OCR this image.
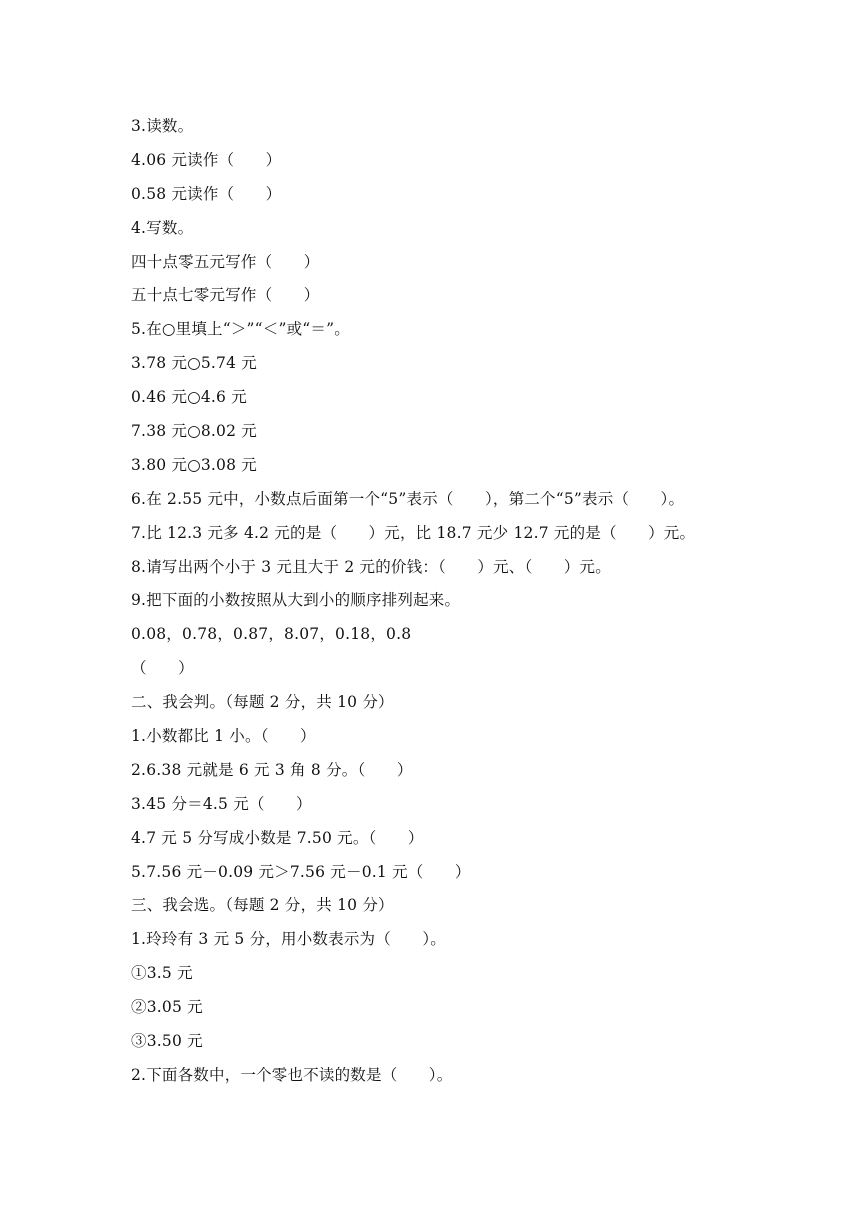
3.读数。
4.06 元读作（　　）
0.58 元读作（　　）
4.写数。
四十点零五元写作（　　）
五十点七零元写作（　　）
5.在○里填上“＞”“＜”或“＝”。
3.78 元○5.74 元
0.46 元○4.6 元
7.38 元○8.02 元
3.80 元○3.08 元
6.在 2.55 元中，小数点后面第一个“5”表示（　　），第二个“5”表示（　　）。
7.比 12.3 元多 4.2 元的是（　　）元，比 18.7 元少 12.7 元的是（　　）元。
8.请写出两个小于 3 元且大于 2 元的价钱：（　　）元、（　　）元。
9.把下面的小数按照从大到小的顺序排列起来。
0.08，0.78，0.87，8.07，0.18，0.8
（　　）
二、我会判。（每题 2 分，共 10 分）
1.小数都比 1 小。（　　）
2.6.38 元就是 6 元 3 角 8 分。（　　）
3.45 分＝4.5 元（　　）
4.7 元 5 分写成小数是 7.50 元。（　　）
5.7.56 元－0.09 元＞7.56 元－0.1 元（　　）
三、我会选。（每题 2 分，共 10 分）
1.玲玲有 3 元 5 分，用小数表示为（　　）。
①3.5 元
②3.05 元
③3.50 元
2.下面各数中，一个零也不读的数是（　　）。
